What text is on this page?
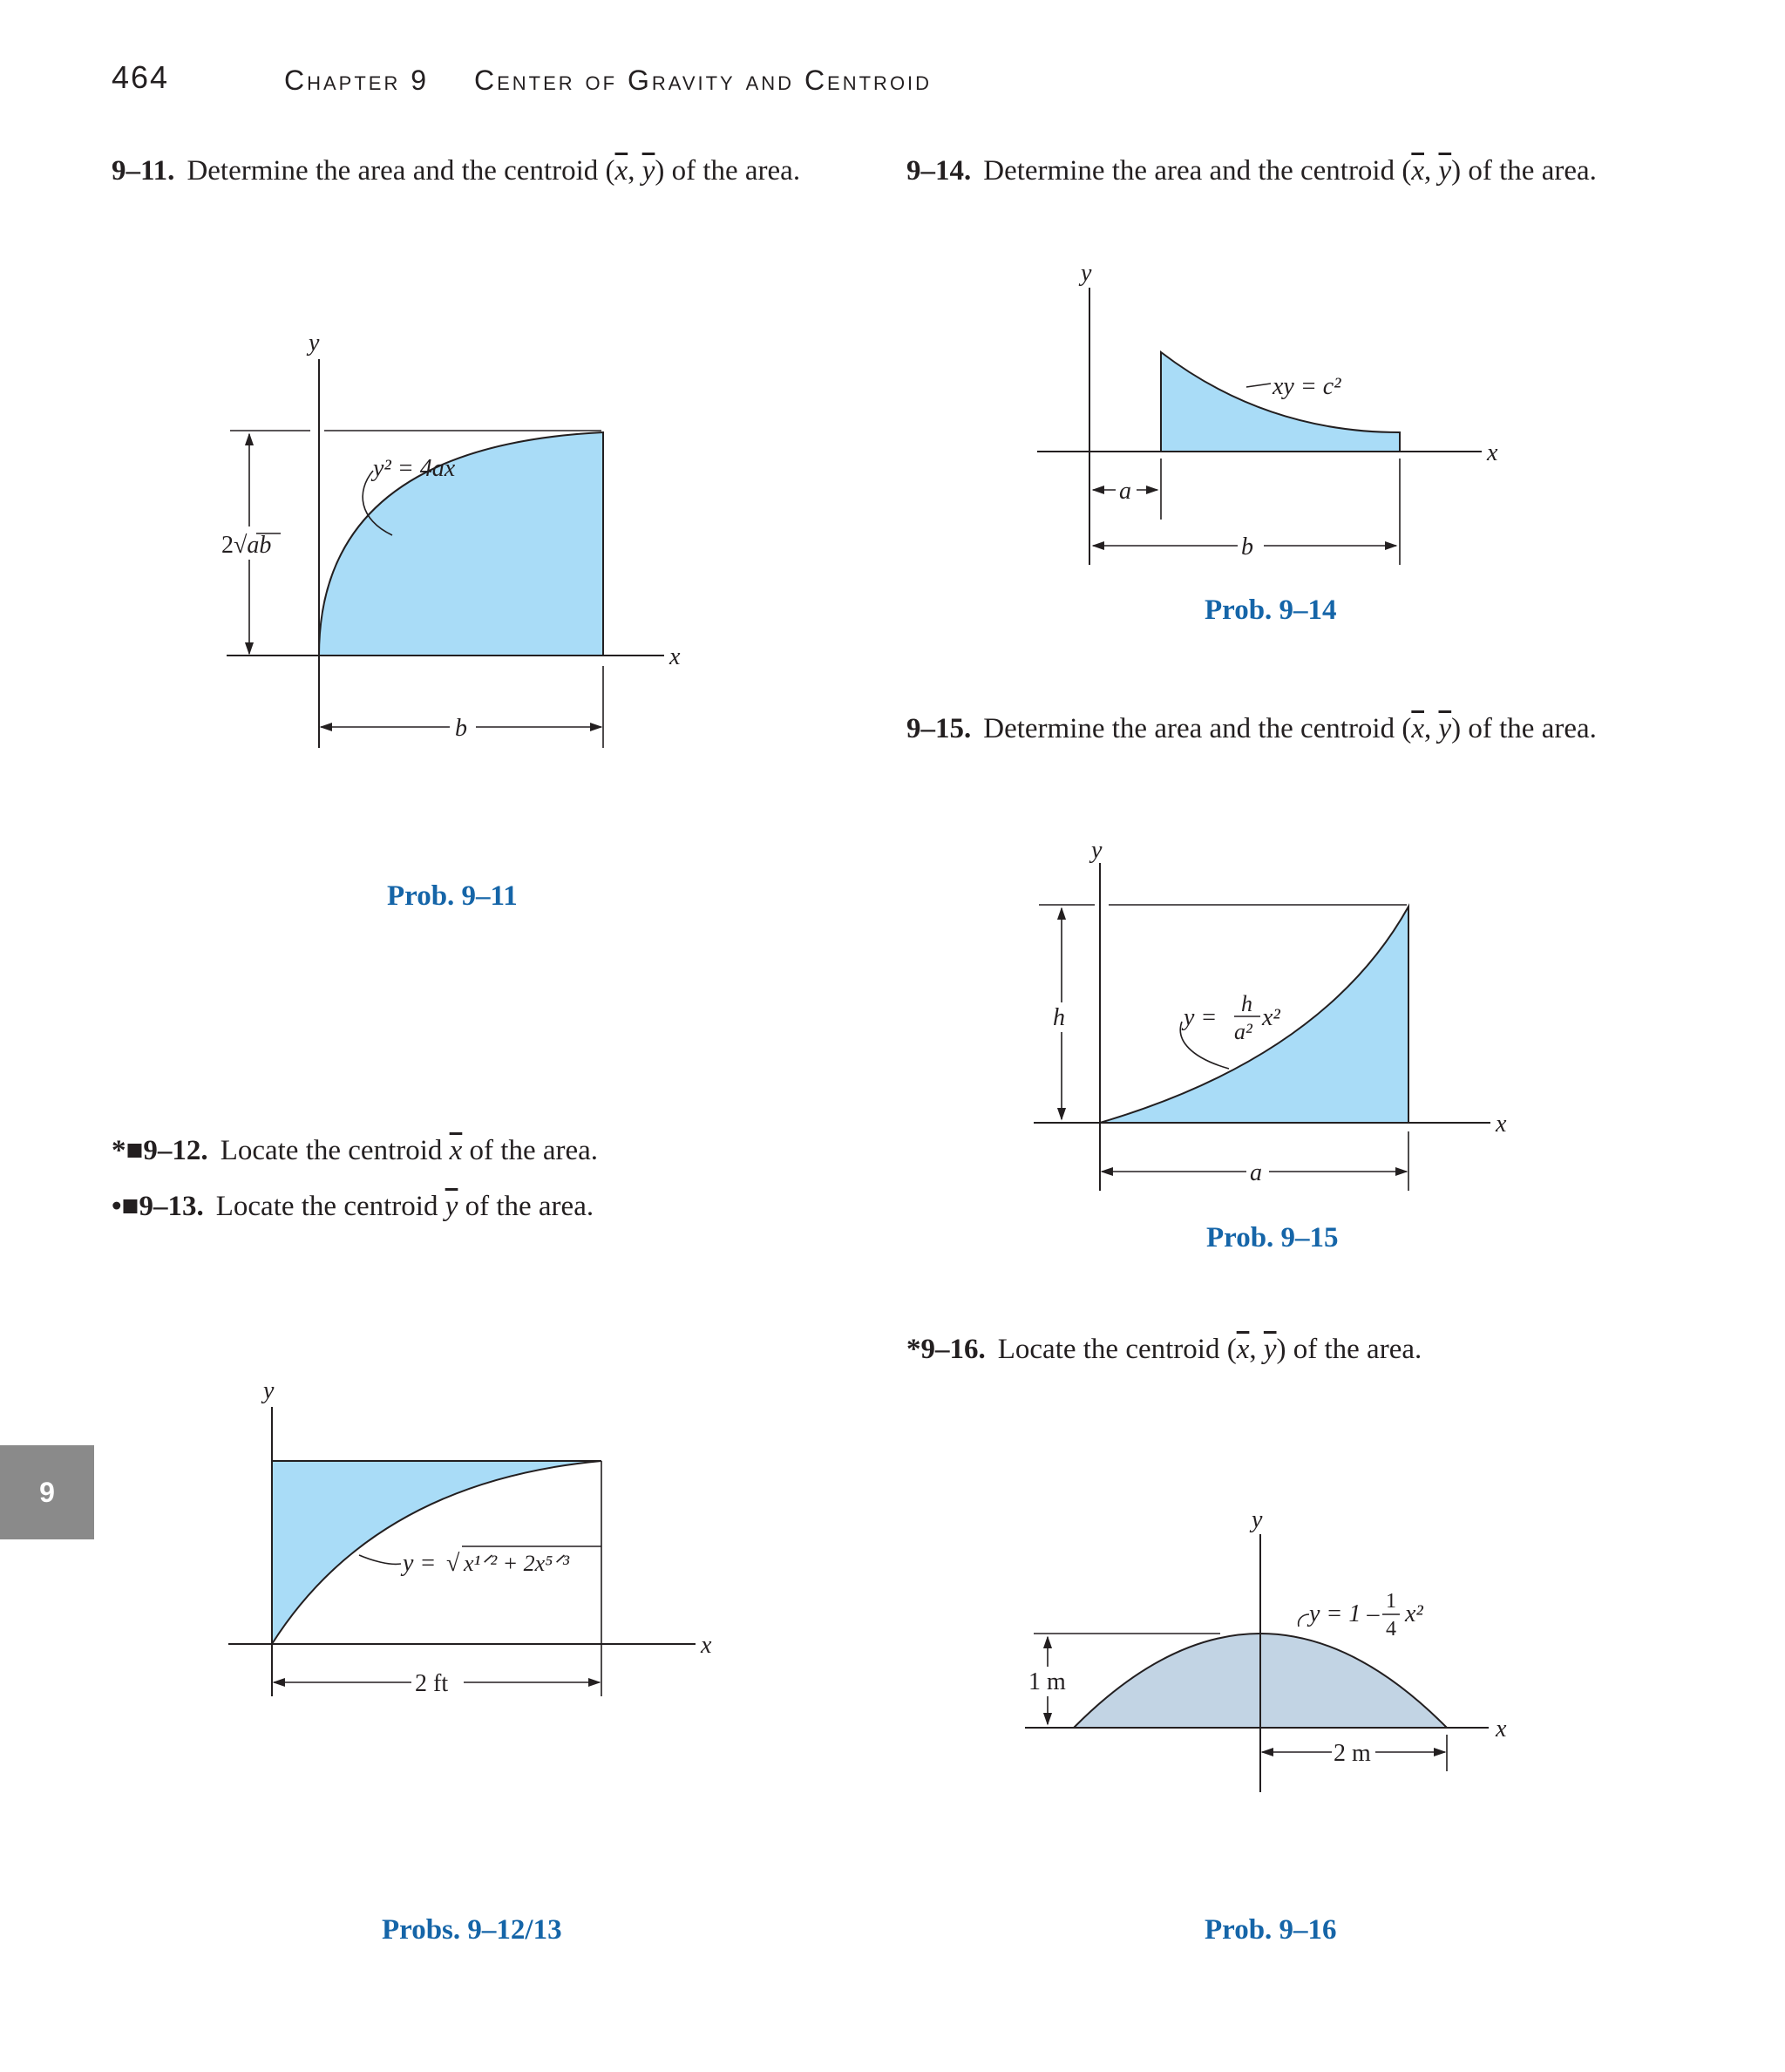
464	Chapter 9 Center of Gravity and Centroid
9
9–11. Determine the area and the centroid ($\overline{x}$, $\overline{y}$) of the area.	9–14. Determine the area and the centroid ($\overline{x}$, $\overline{y}$) of the area.
9–15. Determine the area and the centroid ($\overline{x}$, $\overline{y}$) of the area.
*■9–12. Locate the centroid $\overline{x}$ of the area.
•■9–13. Locate the centroid $\overline{y}$ of the area.
*9–16. Locate the centroid ($\overline{x}$, $\overline{y}$) of the area.
Prob. 9–11
Prob. 9–14
Prob. 9–15
Probs. 9–12/13	Prob. 9–16
y
x
2√ab
b
y² = 4ax
y
x
a
b
xy = c²
y
x
h
a
y =
h
a²
x²
y
x
2 ft
y = √ x¹ᐟ² + 2x⁵ᐟ³
y
x
1 m
2 m
y = 1 – 1
4
x²
